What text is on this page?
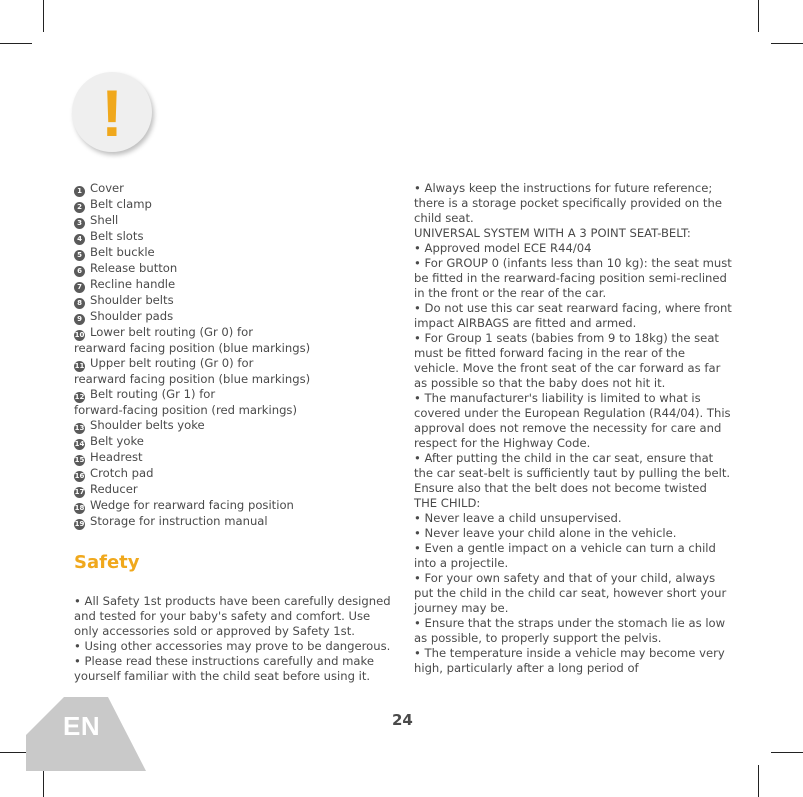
!
1 Cover
2 Belt clamp
3 Shell
4 Belt slots
5 Belt buckle
6 Release button
7 Recline handle
8 Shoulder belts
9 Shoulder pads
10 Lower belt routing (Gr 0) for
rearward facing position (blue markings)
11 Upper belt routing (Gr 0) for
rearward facing position (blue markings)
12 Belt routing (Gr 1) for
forward-facing position (red markings)
13 Shoulder belts yoke
14 Belt yoke
15 Headrest
16 Crotch pad
17 Reducer
18 Wedge for rearward facing position
19 Storage for instruction manual
Safety

• All Safety 1st products have been carefully designed and tested for your baby's safety and comfort. Use only accessories sold or approved by Safety 1st.

• Using other accessories may prove to be dangerous.

• Please read these instructions carefully and make yourself familiar with the child seat before using it.

• Always keep the instructions for future reference; there is a storage pocket specifically provided on the child seat.

UNIVERSAL SYSTEM WITH A 3 POINT SEAT-BELT:

• Approved model ECE R44/04

• For GROUP 0 (infants less than 10 kg): the seat must be fitted in the rearward-facing position semi-reclined in the front or the rear of the car.

• Do not use this car seat rearward facing, where front impact AIRBAGS are fitted and armed.

• For Group 1 seats (babies from 9 to 18kg) the seat must be fitted forward facing in the rear of the vehicle. Move the front seat of the car forward as far as possible so that the baby does not hit it.

• The manufacturer's liability is limited to what is covered under the European Regulation (R44/04). This approval does not remove the necessity for care and respect for the Highway Code.

• After putting the child in the car seat, ensure that the car seat-belt is sufficiently taut by pulling the belt. Ensure also that the belt does not become twisted

THE CHILD:

• Never leave a child unsupervised.

• Never leave your child alone in the vehicle.

• Even a gentle impact on a vehicle can turn a child into a projectile.

• For your own safety and that of your child, always put the child in the child car seat, however short your journey may be.

• Ensure that the straps under the stomach lie as low as possible, to properly support the pelvis.

• The temperature inside a vehicle may become very high, particularly after a long period of

EN	24
